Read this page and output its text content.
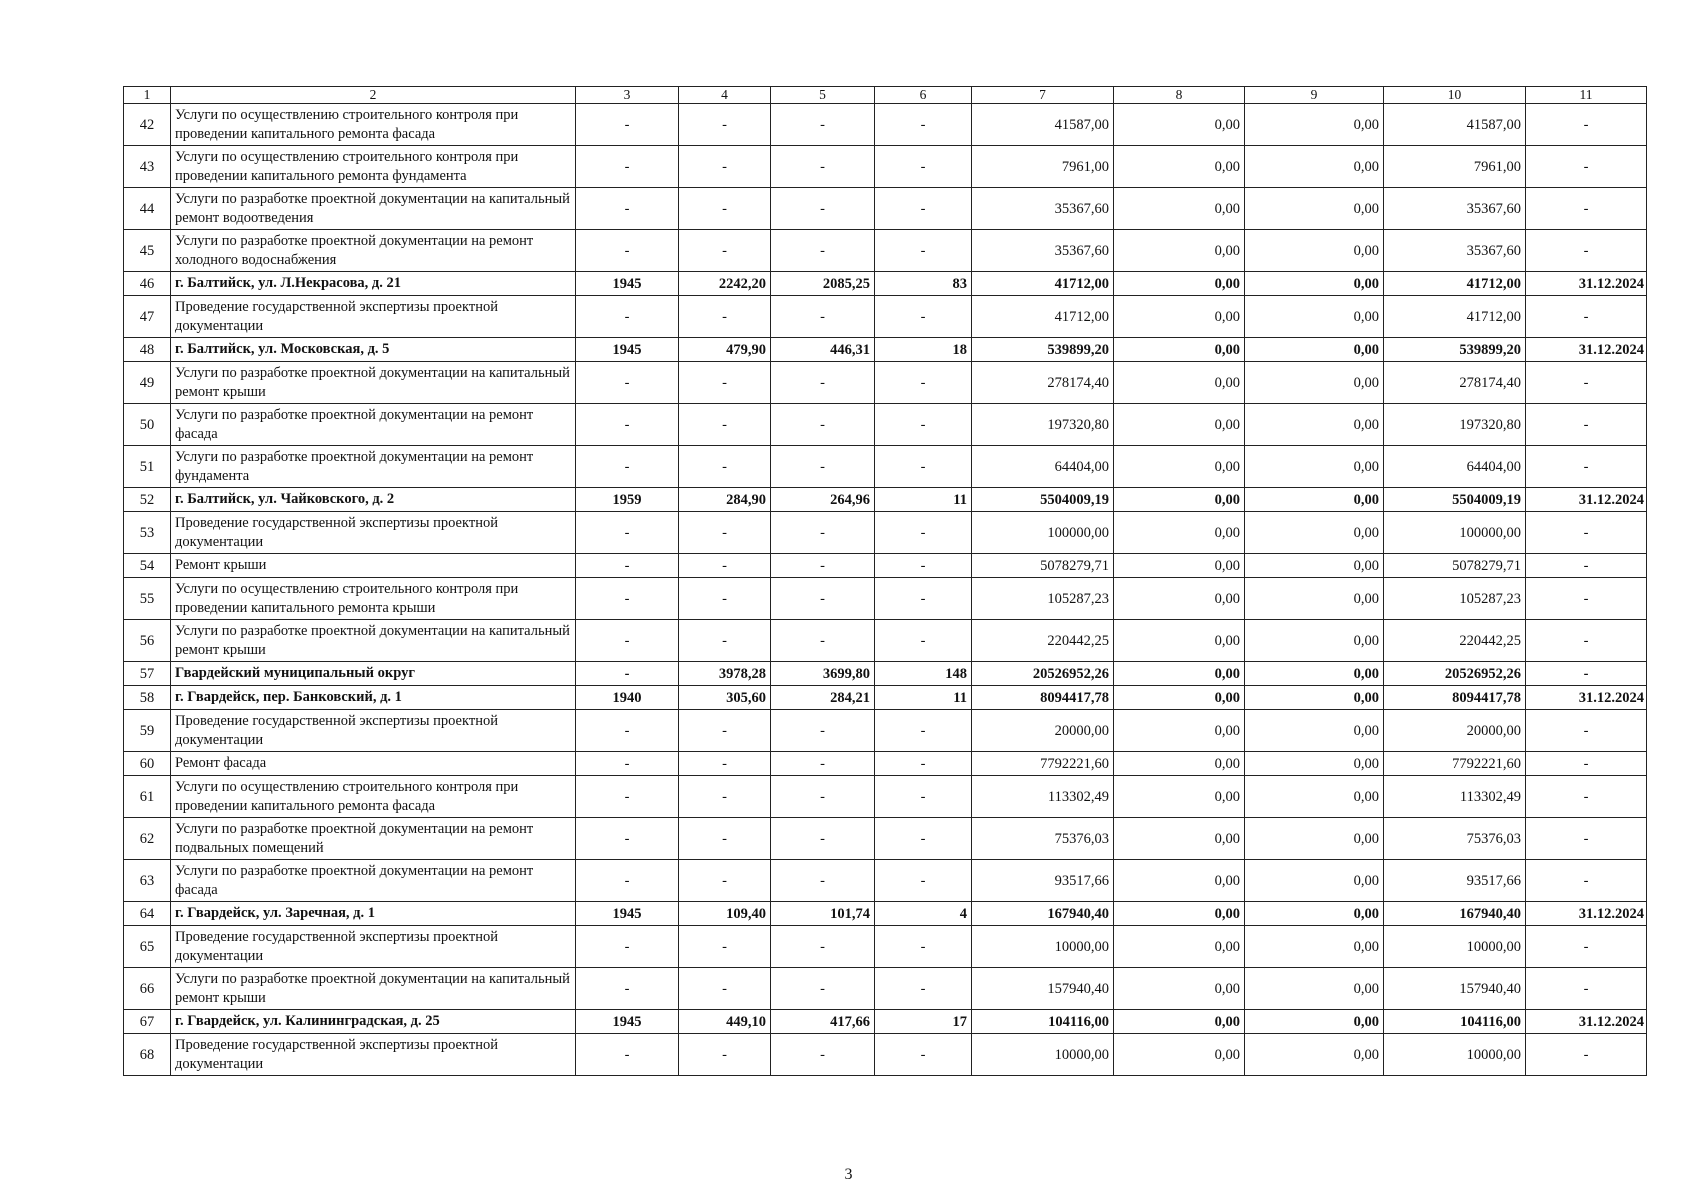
1	2	3	4	5	6	7	8	9	10	11
42	Услуги по осуществлению строительного контроля при проведении капитального ремонта фасада	-	-	-	-	41587,00	0,00	0,00	41587,00	-
43	Услуги по осуществлению строительного контроля при проведении капитального ремонта фундамента	-	-	-	-	7961,00	0,00	0,00	7961,00	-
44	Услуги по разработке проектной документации на капитальный ремонт водоотведения	-	-	-	-	35367,60	0,00	0,00	35367,60	-
45	Услуги по разработке проектной документации на ремонт холодного водоснабжения	-	-	-	-	35367,60	0,00	0,00	35367,60	-
46	г. Балтийск, ул. Л.Некрасова, д. 21	1945	2242,20	2085,25	83	41712,00	0,00	0,00	41712,00	31.12.2024
47	Проведение государственной экспертизы проектной документации	-	-	-	-	41712,00	0,00	0,00	41712,00	-
48	г. Балтийск, ул. Московская, д. 5	1945	479,90	446,31	18	539899,20	0,00	0,00	539899,20	31.12.2024
49	Услуги по разработке проектной документации на капитальный ремонт крыши	-	-	-	-	278174,40	0,00	0,00	278174,40	-
50	Услуги по разработке проектной документации на ремонт фасада	-	-	-	-	197320,80	0,00	0,00	197320,80	-
51	Услуги по разработке проектной документации на ремонт фундамента	-	-	-	-	64404,00	0,00	0,00	64404,00	-
52	г. Балтийск, ул. Чайковского, д. 2	1959	284,90	264,96	11	5504009,19	0,00	0,00	5504009,19	31.12.2024
53	Проведение государственной экспертизы проектной документации	-	-	-	-	100000,00	0,00	0,00	100000,00	-
54	Ремонт крыши	-	-	-	-	5078279,71	0,00	0,00	5078279,71	-
55	Услуги по осуществлению строительного контроля при проведении капитального ремонта крыши	-	-	-	-	105287,23	0,00	0,00	105287,23	-
56	Услуги по разработке проектной документации на капитальный ремонт крыши	-	-	-	-	220442,25	0,00	0,00	220442,25	-
57	Гвардейский муниципальный округ	-	3978,28	3699,80	148	20526952,26	0,00	0,00	20526952,26	-
58	г. Гвардейск, пер. Банковский, д. 1	1940	305,60	284,21	11	8094417,78	0,00	0,00	8094417,78	31.12.2024
59	Проведение государственной экспертизы проектной документации	-	-	-	-	20000,00	0,00	0,00	20000,00	-
60	Ремонт фасада	-	-	-	-	7792221,60	0,00	0,00	7792221,60	-
61	Услуги по осуществлению строительного контроля при проведении капитального ремонта фасада	-	-	-	-	113302,49	0,00	0,00	113302,49	-
62	Услуги по разработке проектной документации на ремонт подвальных помещений	-	-	-	-	75376,03	0,00	0,00	75376,03	-
63	Услуги по разработке проектной документации на ремонт фасада	-	-	-	-	93517,66	0,00	0,00	93517,66	-
64	г. Гвардейск, ул. Заречная, д. 1	1945	109,40	101,74	4	167940,40	0,00	0,00	167940,40	31.12.2024
65	Проведение государственной экспертизы проектной документации	-	-	-	-	10000,00	0,00	0,00	10000,00	-
66	Услуги по разработке проектной документации на капитальный ремонт крыши	-	-	-	-	157940,40	0,00	0,00	157940,40	-
67	г. Гвардейск, ул. Калининградская, д. 25	1945	449,10	417,66	17	104116,00	0,00	0,00	104116,00	31.12.2024
68	Проведение государственной экспертизы проектной документации	-	-	-	-	10000,00	0,00	0,00	10000,00	-
3
